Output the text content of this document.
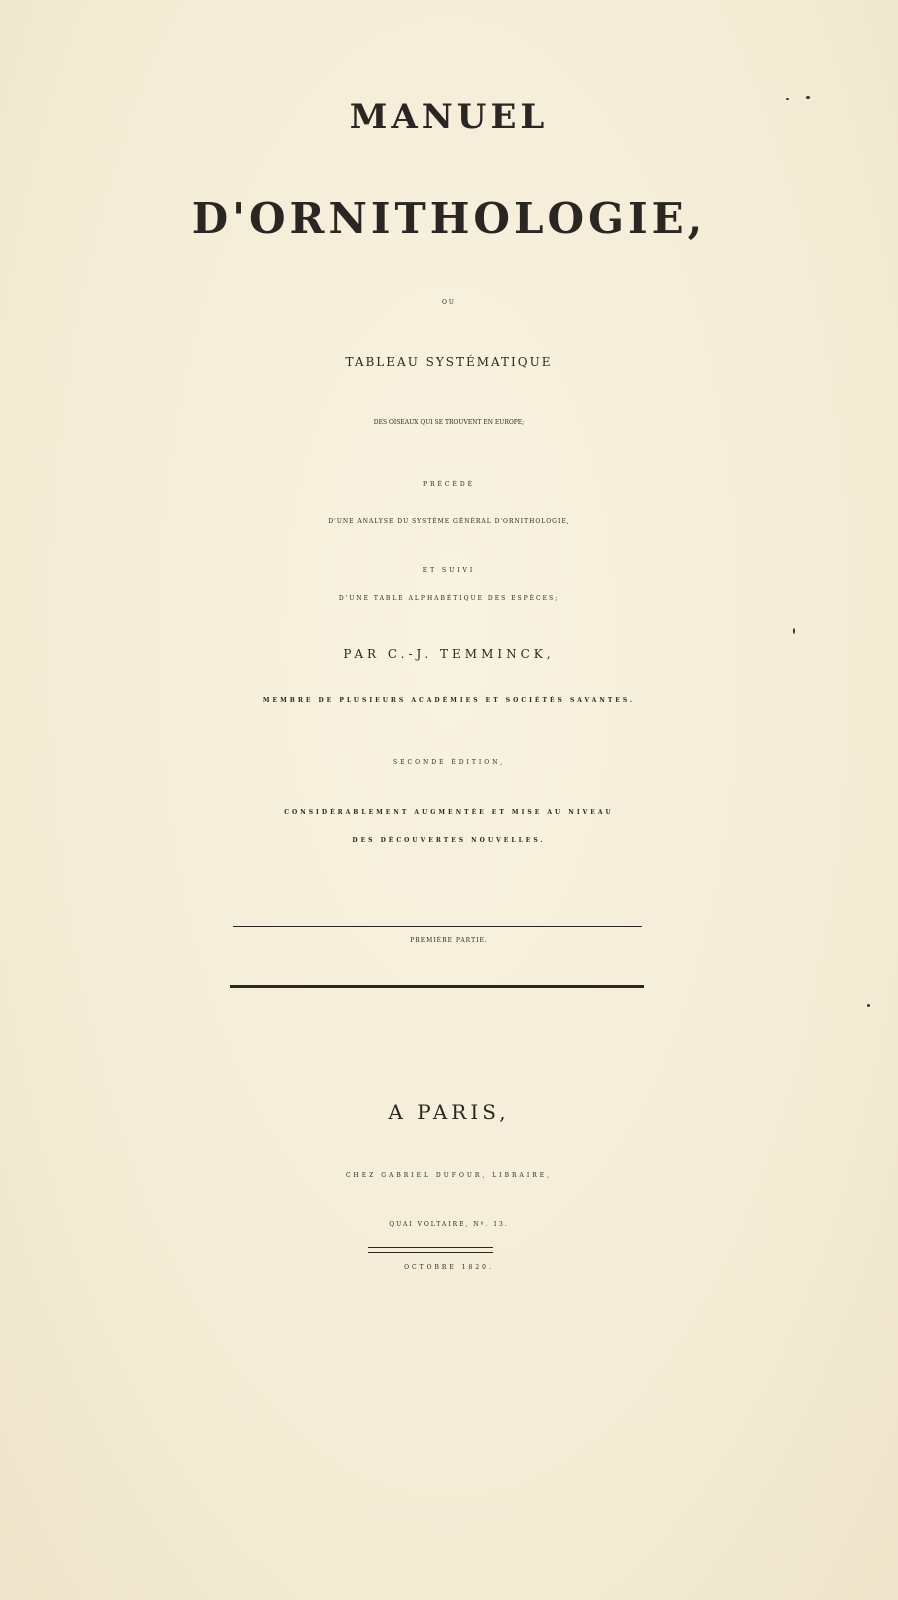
MANUEL

D'ORNITHOLOGIE,

OU

TABLEAU SYSTÉMATIQUE

DES OISEAUX QUI SE TROUVENT EN EUROPE;

PRÉCÉDÉ

D'UNE ANALYSE DU SYSTÈME GÉNÉRAL D'ORNITHOLOGIE,

ET SUIVI

D'UNE TABLE ALPHABÉTIQUE DES ESPÈCES;

PAR C.-J. TEMMINCK,

MEMBRE DE PLUSIEURS ACADÉMIES ET SOCIÉTÉS SAVANTES.

SECONDE ÉDITION,

CONSIDÉRABLEMENT AUGMENTÉE ET MISE AU NIVEAU

DES DÉCOUVERTES NOUVELLES.

PREMIÈRE PARTIE.

A PARIS,

CHEZ GABRIEL DUFOUR, LIBRAIRE,

QUAI VOLTAIRE, Nº. 13.

OCTOBRE 1820.
